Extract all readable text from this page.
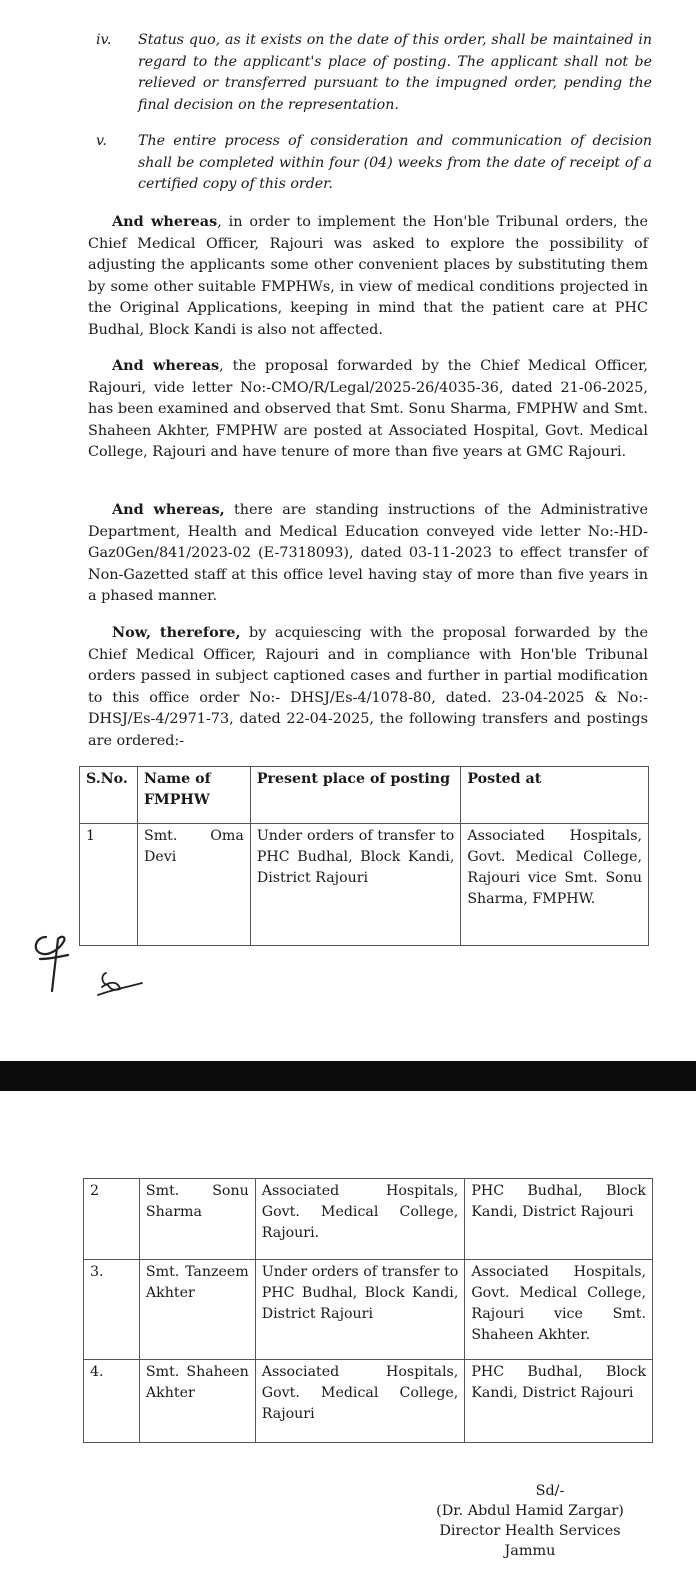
iv. Status quo, as it exists on the date of this order, shall be maintained in regard to the applicant's place of posting. The applicant shall not be relieved or transferred pursuant to the impugned order, pending the final decision on the representation.
v. The entire process of consideration and communication of decision shall be completed within four (04) weeks from the date of receipt of a certified copy of this order.

And whereas, in order to implement the Hon'ble Tribunal orders, the Chief Medical Officer, Rajouri was asked to explore the possibility of adjusting the applicants some other convenient places by substituting them by some other suitable FMPHWs, in view of medical conditions projected in the Original Applications, keeping in mind that the patient care at PHC Budhal, Block Kandi is also not affected.

And whereas, the proposal forwarded by the Chief Medical Officer, Rajouri, vide letter No:-CMO/R/Legal/2025-26/4035-36, dated 21-06-2025, has been examined and observed that Smt. Sonu Sharma, FMPHW and Smt. Shaheen Akhter, FMPHW are posted at Associated Hospital, Govt. Medical College, Rajouri and have tenure of more than five years at GMC Rajouri.

And whereas, there are standing instructions of the Administrative Department, Health and Medical Education conveyed vide letter No:-HD-Gaz0Gen/841/2023-02 (E-7318093), dated 03-11-2023 to effect transfer of Non-Gazetted staff at this office level having stay of more than five years in a phased manner.

Now, therefore, by acquiescing with the proposal forwarded by the Chief Medical Officer, Rajouri and in compliance with Hon'ble Tribunal orders passed in subject captioned cases and further in partial modification to this office order No:- DHSJ/Es-4/1078-80, dated. 23-04-2025 & No:-DHSJ/Es-4/2971-73, dated 22-04-2025, the following transfers and postings are ordered:-

S.No.	Name of FMPHW	Present place of posting	Posted at
1	Smt. Oma Devi	Under orders of transfer to PHC Budhal, Block Kandi, District Rajouri	Associated Hospitals, Govt. Medical College, Rajouri vice Smt. Sonu Sharma, FMPHW.
2	Smt. Sonu Sharma	Associated Hospitals, Govt. Medical College, Rajouri.	PHC Budhal, Block Kandi, District Rajouri
3.	Smt. Tanzeem Akhter	Under orders of transfer to PHC Budhal, Block Kandi, District Rajouri	Associated Hospitals, Govt. Medical College, Rajouri vice Smt. Shaheen Akhter.
4.	Smt. Shaheen Akhter	Associated Hospitals, Govt. Medical College, Rajouri	PHC Budhal, Block Kandi, District Rajouri
Sd/-
(Dr. Abdul Hamid Zargar)
Director Health Services
Jammu
